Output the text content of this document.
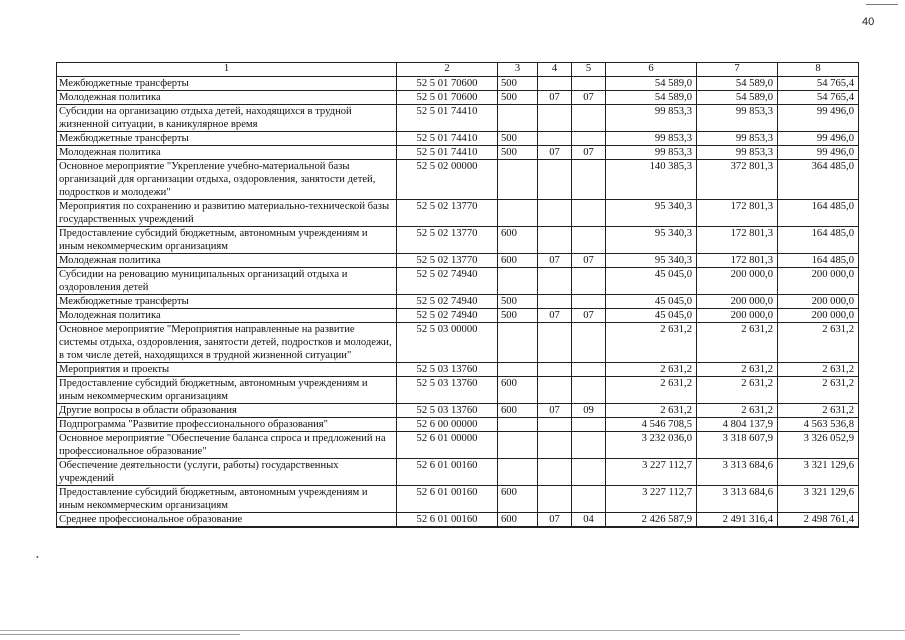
40
1	2	3	4	5	6	7	8
Межбюджетные трансферты	52 5 01 70600	500			54 589,0	54 589,0	54 765,4
Молодежная политика	52 5 01 70600	500	07	07	54 589,0	54 589,0	54 765,4
Субсидии на организацию отдыха детей, находящихся в трудной жизненной ситуации, в каникулярное время	52 5 01 74410				99 853,3	99 853,3	99 496,0
Межбюджетные трансферты	52 5 01 74410	500			99 853,3	99 853,3	99 496,0
Молодежная политика	52 5 01 74410	500	07	07	99 853,3	99 853,3	99 496,0
Основное мероприятие "Укрепление учебно-материальной базы организаций для организации отдыха, оздоровления, занятости детей, подростков и молодежи"	52 5 02 00000				140 385,3	372 801,3	364 485,0
Мероприятия по сохранению и развитию материально-технической базы государственных учреждений	52 5 02 13770				95 340,3	172 801,3	164 485,0
Предоставление субсидий бюджетным, автономным учреждениям и иным некоммерческим организациям	52 5 02 13770	600			95 340,3	172 801,3	164 485,0
Молодежная политика	52 5 02 13770	600	07	07	95 340,3	172 801,3	164 485,0
Субсидии на реновацию муниципальных организаций отдыха и оздоровления детей	52 5 02 74940				45 045,0	200 000,0	200 000,0
Межбюджетные трансферты	52 5 02 74940	500			45 045,0	200 000,0	200 000,0
Молодежная политика	52 5 02 74940	500	07	07	45 045,0	200 000,0	200 000,0
Основное мероприятие "Мероприятия направленные на развитие системы отдыха, оздоровления, занятости детей, подростков и молодежи, в том числе детей, находящихся в трудной жизненной ситуации"	52 5 03 00000				2 631,2	2 631,2	2 631,2
Мероприятия и проекты	52 5 03 13760				2 631,2	2 631,2	2 631,2
Предоставление субсидий бюджетным, автономным учреждениям и иным некоммерческим организациям	52 5 03 13760	600			2 631,2	2 631,2	2 631,2
Другие вопросы в области образования	52 5 03 13760	600	07	09	2 631,2	2 631,2	2 631,2
Подпрограмма "Развитие профессионального образования"	52 6 00 00000				4 546 708,5	4 804 137,9	4 563 536,8
Основное мероприятие "Обеспечение баланса спроса и предложений на профессиональное образование"	52 6 01 00000				3 232 036,0	3 318 607,9	3 326 052,9
Обеспечение деятельности (услуги, работы) государственных учреждений	52 6 01 00160				3 227 112,7	3 313 684,6	3 321 129,6
Предоставление субсидий бюджетным, автономным учреждениям и иным некоммерческим организациям	52 6 01 00160	600			3 227 112,7	3 313 684,6	3 321 129,6
Среднее профессиональное образование	52 6 01 00160	600	07	04	2 426 587,9	2 491 316,4	2 498 761,4
•
